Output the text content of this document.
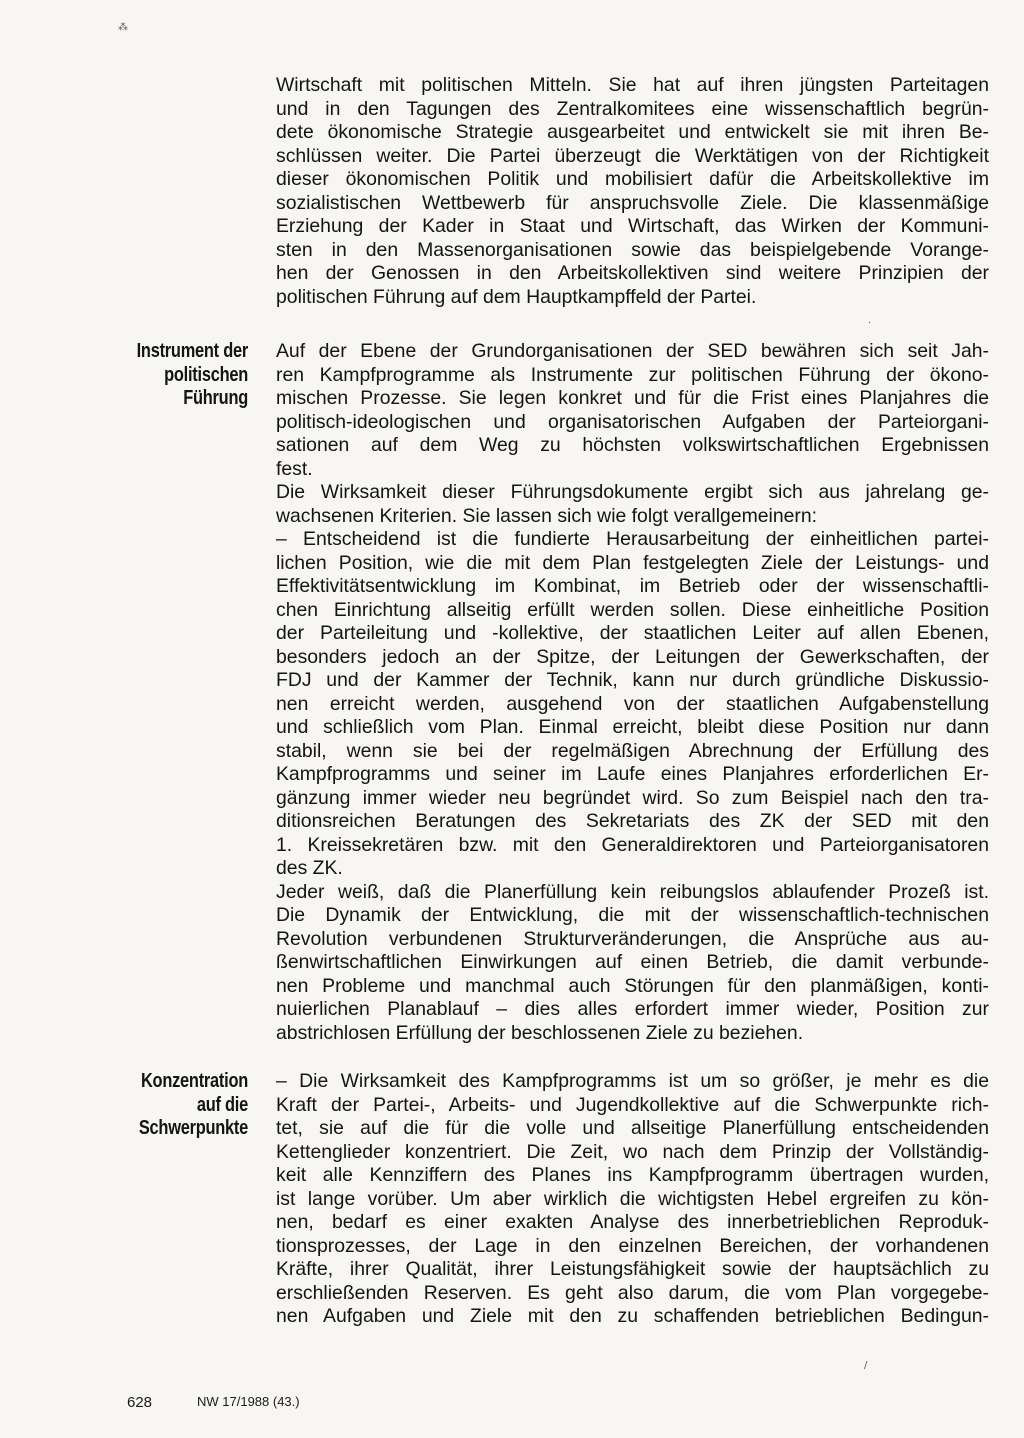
Instrument der
politischen
Führung
Konzentration
auf die
Schwerpunkte
Wirtschaft mit politischen Mitteln. Sie hat auf ihren jüngsten Parteitagen
und in den Tagungen des Zentralkomitees eine wissenschaftlich begrün-
dete ökonomische Strategie ausgearbeitet und entwickelt sie mit ihren Be-
schlüssen weiter. Die Partei überzeugt die Werktätigen von der Richtigkeit
dieser ökonomischen Politik und mobilisiert dafür die Arbeitskollektive im
sozialistischen Wettbewerb für anspruchsvolle Ziele. Die klassenmäßige
Erziehung der Kader in Staat und Wirtschaft, das Wirken der Kommuni-
sten in den Massenorganisationen sowie das beispielgebende Vorange-
hen der Genossen in den Arbeitskollektiven sind weitere Prinzipien der
politischen Führung auf dem Hauptkampffeld der Partei.
Auf der Ebene der Grundorganisationen der SED bewähren sich seit Jah-
ren Kampfprogramme als Instrumente zur politischen Führung der ökono-
mischen Prozesse. Sie legen konkret und für die Frist eines Planjahres die
politisch-ideologischen und organisatorischen Aufgaben der Parteiorgani-
sationen auf dem Weg zu höchsten volkswirtschaftlichen Ergebnissen
fest.
Die Wirksamkeit dieser Führungsdokumente ergibt sich aus jahrelang ge-
wachsenen Kriterien. Sie lassen sich wie folgt verallgemeinern:
– Entscheidend ist die fundierte Herausarbeitung der einheitlichen partei-
lichen Position, wie die mit dem Plan festgelegten Ziele der Leistungs- und
Effektivitätsentwicklung im Kombinat, im Betrieb oder der wissenschaftli-
chen Einrichtung allseitig erfüllt werden sollen. Diese einheitliche Position
der Parteileitung und -kollektive, der staatlichen Leiter auf allen Ebenen,
besonders jedoch an der Spitze, der Leitungen der Gewerkschaften, der
FDJ und der Kammer der Technik, kann nur durch gründliche Diskussio-
nen erreicht werden, ausgehend von der staatlichen Aufgabenstellung
und schließlich vom Plan. Einmal erreicht, bleibt diese Position nur dann
stabil, wenn sie bei der regelmäßigen Abrechnung der Erfüllung des
Kampfprogramms und seiner im Laufe eines Planjahres erforderlichen Er-
gänzung immer wieder neu begründet wird. So zum Beispiel nach den tra-
ditionsreichen Beratungen des Sekretariats des ZK der SED mit den
1. Kreissekretären bzw. mit den Generaldirektoren und Parteiorganisatoren
des ZK.
Jeder weiß, daß die Planerfüllung kein reibungslos ablaufender Prozeß ist.
Die Dynamik der Entwicklung, die mit der wissenschaftlich-technischen
Revolution verbundenen Strukturveränderungen, die Ansprüche aus au-
ßenwirtschaftlichen Einwirkungen auf einen Betrieb, die damit verbunde-
nen Probleme und manchmal auch Störungen für den planmäßigen, konti-
nuierlichen Planablauf – dies alles erfordert immer wieder, Position zur
abstrichlosen Erfüllung der beschlossenen Ziele zu beziehen.
– Die Wirksamkeit des Kampfprogramms ist um so größer, je mehr es die
Kraft der Partei-, Arbeits- und Jugendkollektive auf die Schwerpunkte rich-
tet, sie auf die für die volle und allseitige Planerfüllung entscheidenden
Kettenglieder konzentriert. Die Zeit, wo nach dem Prinzip der Vollständig-
keit alle Kennziffern des Planes ins Kampfprogramm übertragen wurden,
ist lange vorüber. Um aber wirklich die wichtigsten Hebel ergreifen zu kön-
nen, bedarf es einer exakten Analyse des innerbetrieblichen Reproduk-
tionsprozesses, der Lage in den einzelnen Bereichen, der vorhandenen
Kräfte, ihrer Qualität, ihrer Leistungsfähigkeit sowie der hauptsächlich zu
erschließenden Reserven. Es geht also darum, die vom Plan vorgegebe-
nen Aufgaben und Ziele mit den zu schaffenden betrieblichen Bedingun-
628	NW 17/1988 (43.)
⁂
·
/
